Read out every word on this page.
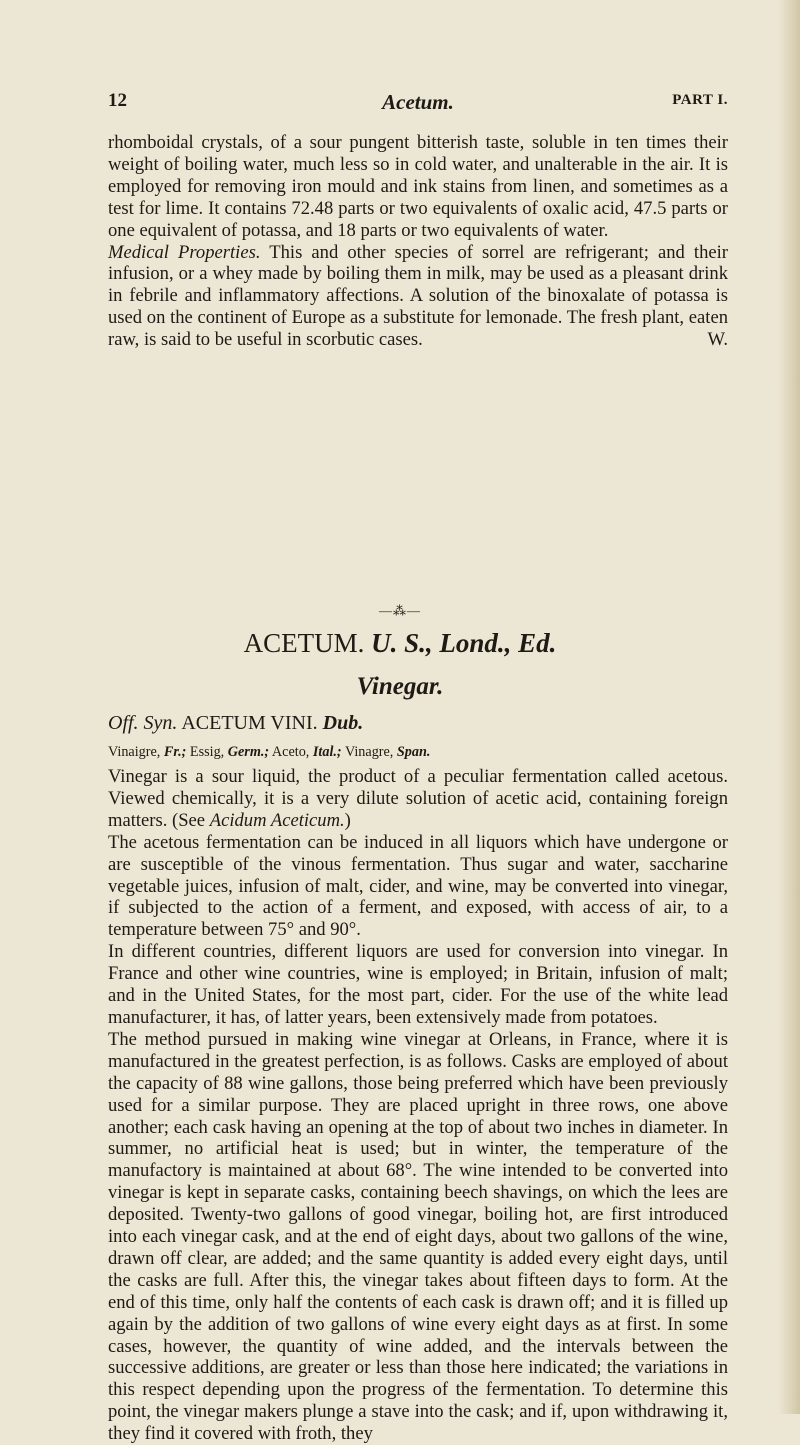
12	Acetum.	PART I.

rhomboidal crystals, of a sour pungent bitterish taste, soluble in ten times their weight of boiling water, much less so in cold water, and unalterable in the air. It is employed for removing iron mould and ink stains from linen, and sometimes as a test for lime. It contains 72.48 parts or two equivalents of oxalic acid, 47.5 parts or one equivalent of potassa, and 18 parts or two equivalents of water.

Medical Properties. This and other species of sorrel are refrigerant; and their infusion, or a whey made by boiling them in milk, may be used as a pleasant drink in febrile and inflammatory affections. A solution of the binoxalate of potassa is used on the continent of Europe as a substitute for lemonade. The fresh plant, eaten raw, is said to be useful in scorbutic cases.	W.
—⁂—
ACETUM. U. S., Lond., Ed.
Vinegar.
Off. Syn. ACETUM VINI. Dub.
Vinaigre, Fr.; Essig, Germ.; Aceto, Ital.; Vinagre, Span.

Vinegar is a sour liquid, the product of a peculiar fermentation called acetous. Viewed chemically, it is a very dilute solution of acetic acid, containing foreign matters. (See Acidum Aceticum.)

The acetous fermentation can be induced in all liquors which have undergone or are susceptible of the vinous fermentation. Thus sugar and water, saccharine vegetable juices, infusion of malt, cider, and wine, may be converted into vinegar, if subjected to the action of a ferment, and exposed, with access of air, to a temperature between 75° and 90°.

In different countries, different liquors are used for conversion into vinegar. In France and other wine countries, wine is employed; in Britain, infusion of malt; and in the United States, for the most part, cider. For the use of the white lead manufacturer, it has, of latter years, been extensively made from potatoes.

The method pursued in making wine vinegar at Orleans, in France, where it is manufactured in the greatest perfection, is as follows. Casks are employed of about the capacity of 88 wine gallons, those being preferred which have been previously used for a similar purpose. They are placed upright in three rows, one above another; each cask having an opening at the top of about two inches in diameter. In summer, no artificial heat is used; but in winter, the temperature of the manufactory is maintained at about 68°. The wine intended to be converted into vinegar is kept in separate casks, containing beech shavings, on which the lees are deposited. Twenty-two gallons of good vinegar, boiling hot, are first introduced into each vinegar cask, and at the end of eight days, about two gallons of the wine, drawn off clear, are added; and the same quantity is added every eight days, until the casks are full. After this, the vinegar takes about fifteen days to form. At the end of this time, only half the contents of each cask is drawn off; and it is filled up again by the addition of two gallons of wine every eight days as at first. In some cases, however, the quantity of wine added, and the intervals between the successive additions, are greater or less than those here indicated; the variations in this respect depending upon the progress of the fermentation. To determine this point, the vinegar makers plunge a stave into the cask; and if, upon withdrawing it, they find it covered with froth, they
